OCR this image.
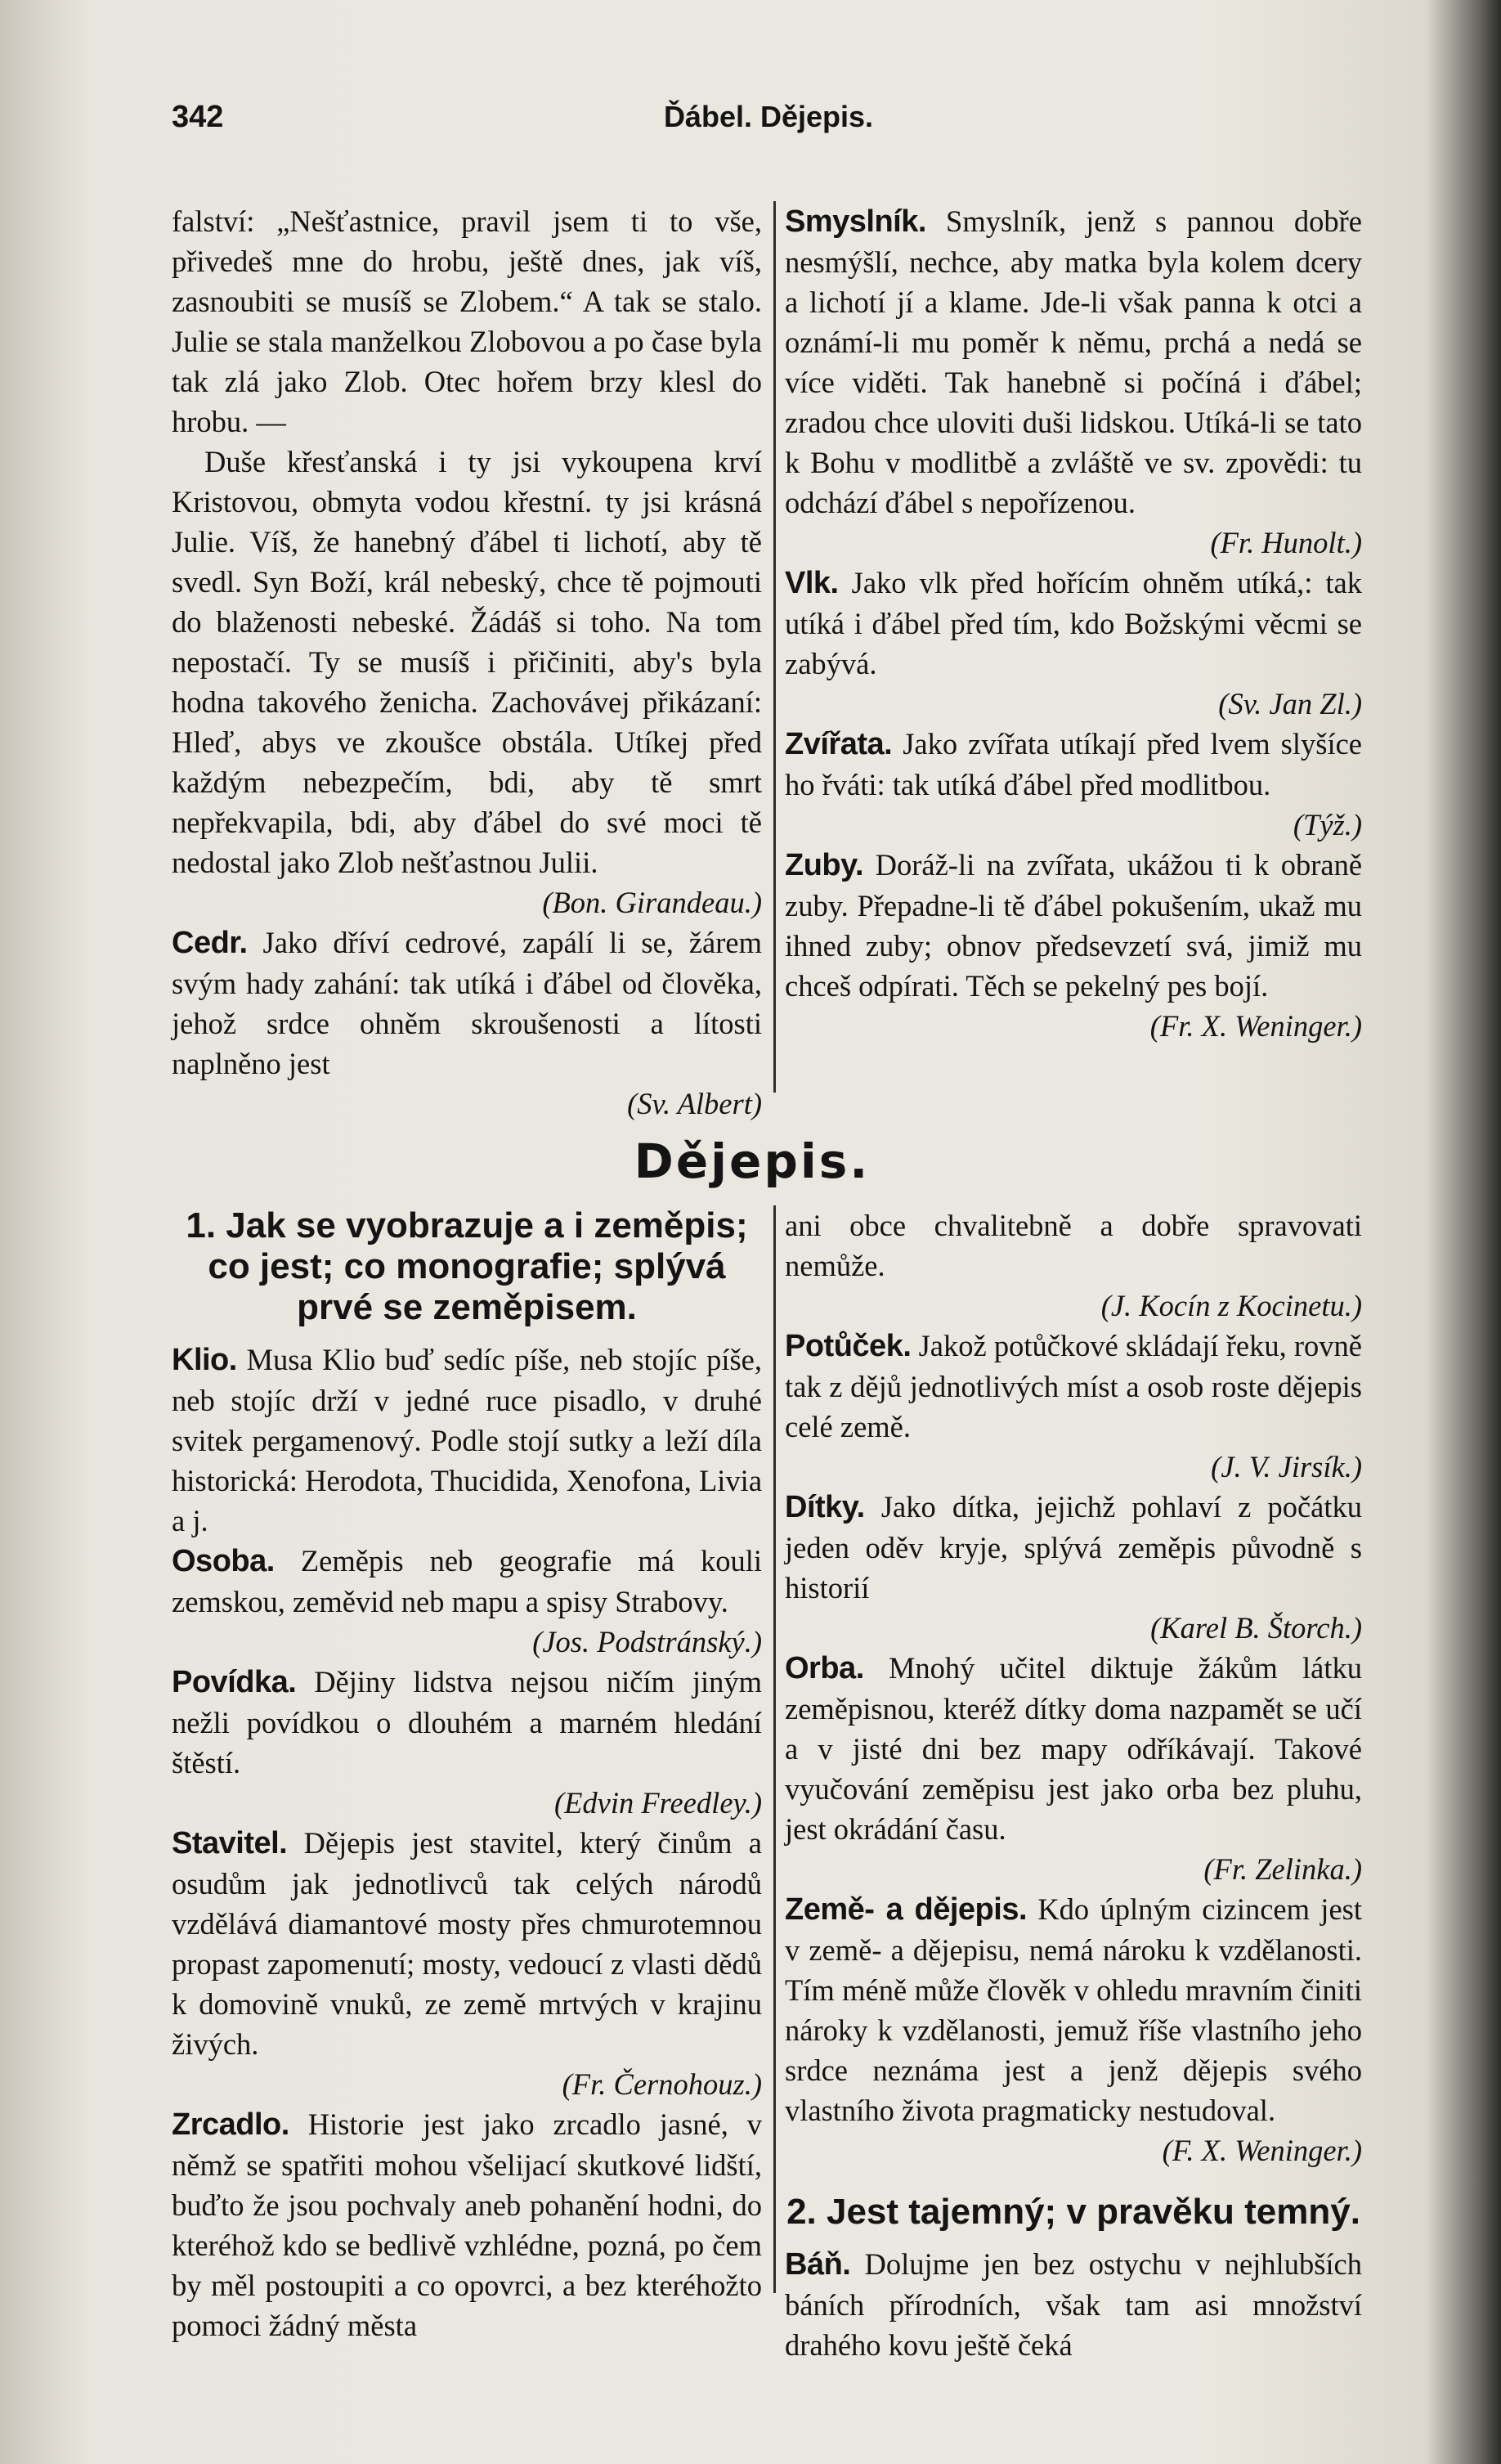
342	Ďábel. Dějepis.

falství: „Nešťastnice, pravil jsem ti to vše, přivedeš mne do hrobu, ještě dnes, jak víš, zasnoubiti se musíš se Zlobem.“ A tak se stalo. Julie se stala manželkou Zlobovou a po čase byla tak zlá jako Zlob. Otec hořem brzy klesl do hrobu. —

Duše křesťanská i ty jsi vykoupena krví Kristovou, obmyta vodou křestní. ty jsi krásná Julie. Víš, že hanebný ďábel ti lichotí, aby tě svedl. Syn Boží, král nebeský, chce tě pojmouti do blaženosti nebeské. Žádáš si toho. Na tom nepostačí. Ty se musíš i přičiniti, aby's byla hodna takového ženicha. Zachovávej přikázaní: Hleď, abys ve zkoušce obstála. Utíkej před každým nebezpečím, bdi, aby tě smrt nepřekvapila, bdi, aby ďábel do své moci tě nedostal jako Zlob nešťastnou Julii.
(Bon. Girandeau.)

Cedr. Jako dříví cedrové, zapálí li se, žárem svým hady zahání: tak utíká i ďábel od člověka, jehož srdce ohněm skroušenosti a lítosti naplněno jest
(Sv. Albert)

Smyslník. Smyslník, jenž s pannou dobře nesmýšlí, nechce, aby matka byla kolem dcery a lichotí jí a klame. Jde-li však panna k otci a oznámí-li mu poměr k němu, prchá a nedá se více viděti. Tak hanebně si počíná i ďábel; zradou chce uloviti duši lidskou. Utíká-li se tato k Bohu v modlitbě a zvláště ve sv. zpovědi: tu odchází ďábel s nepořízenou.
(Fr. Hunolt.)

Vlk. Jako vlk před hořícím ohněm utíká,: tak utíká i ďábel před tím, kdo Božskými věcmi se zabývá.
(Sv. Jan Zl.)

Zvířata. Jako zvířata utíkají před lvem slyšíce ho řváti: tak utíká ďábel před modlitbou.
(Týž.)

Zuby. Doráž-li na zvířata, ukážou ti k obraně zuby. Přepadne-li tě ďábel pokušením, ukaž mu ihned zuby; obnov předsevzetí svá, jimiž mu chceš odpírati. Těch se pekelný pes bojí.
(Fr. X. Weninger.)

Dějepis.
1. Jak se vyobrazuje a i zeměpis; co jest; co monografie; splývá prvé se zeměpisem.

Klio. Musa Klio buď sedíc píše, neb stojíc píše, neb stojíc drží v jedné ruce pisadlo, v druhé svitek pergamenový. Podle stojí sutky a leží díla historická: Herodota, Thucidida, Xenofona, Livia a j.

Osoba. Zeměpis neb geografie má kouli zemskou, zeměvid neb mapu a spisy Strabovy.
(Jos. Podstránský.)

Povídka. Dějiny lidstva nejsou ničím jiným nežli povídkou o dlouhém a marném hledání štěstí.
(Edvin Freedley.)

Stavitel. Dějepis jest stavitel, který činům a osudům jak jednotlivců tak celých národů vzdělává diamantové mosty přes chmurotemnou propast zapomenutí; mosty, vedoucí z vlasti dědů k domovině vnuků, ze země mrtvých v krajinu živých.
(Fr. Černohouz.)

Zrcadlo. Historie jest jako zrcadlo jasné, v němž se spatřiti mohou všelijací skutkové lidští, buďto že jsou pochvaly aneb pohanění hodni, do kteréhož kdo se bedlivě vzhlédne, pozná, po čem by měl postoupiti a co opovrci, a bez kteréhožto pomoci žádný města

ani obce chvalitebně a dobře spravovati nemůže.
(J. Kocín z Kocinetu.)

Potůček. Jakož potůčkové skládají řeku, rovně tak z dějů jednotlivých míst a osob roste dějepis celé země.
(J. V. Jirsík.)

Dítky. Jako dítka, jejichž pohlaví z počátku jeden oděv kryje, splývá zeměpis původně s historií
(Karel B. Štorch.)

Orba. Mnohý učitel diktuje žákům látku zeměpisnou, kteréž dítky doma nazpamět se učí a v jisté dni bez mapy odříkávají. Takové vyučování zeměpisu jest jako orba bez pluhu, jest okrádání času.
(Fr. Zelinka.)

Země- a dějepis. Kdo úplným cizincem jest v země- a dějepisu, nemá nároku k vzdělanosti. Tím méně může člověk v ohledu mravním činiti nároky k vzdělanosti, jemuž říše vlastního jeho srdce neznáma jest a jenž dějepis svého vlastního života pragmaticky nestudoval.
(F. X. Weninger.)

2. Jest tajemný; v pravěku temný.

Báň. Dolujme jen bez ostychu v nejhlubších báních přírodních, však tam asi množství drahého kovu ještě čeká
